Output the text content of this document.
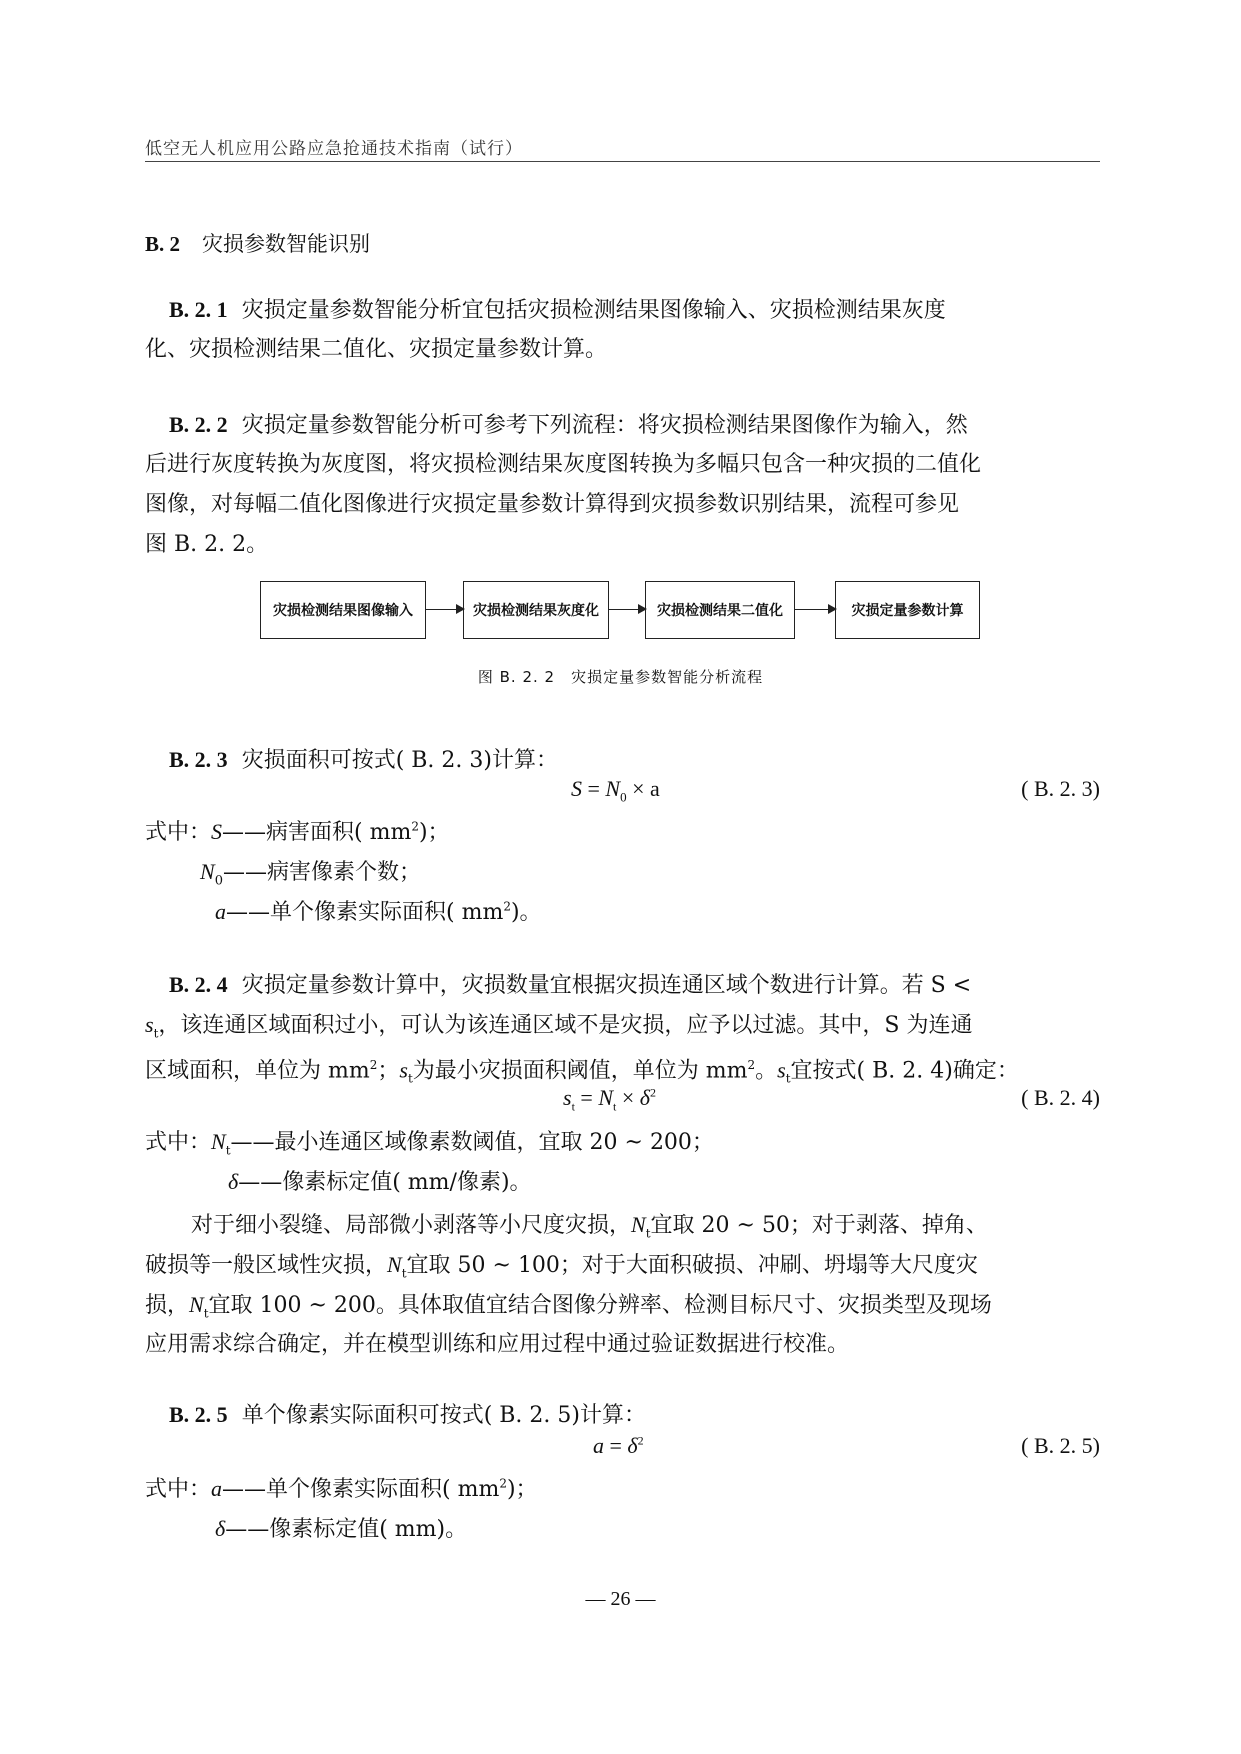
低空无人机应用公路应急抢通技术指南（试行）
B. 2 灾损参数智能识别
B. 2. 1 灾损定量参数智能分析宜包括灾损检测结果图像输入、灾损检测结果灰度
化、灾损检测结果二值化、灾损定量参数计算。
B. 2. 2 灾损定量参数智能分析可参考下列流程：将灾损检测结果图像作为输入，然
后进行灰度转换为灰度图，将灾损检测结果灰度图转换为多幅只包含一种灾损的二值化
图像，对每幅二值化图像进行灾损定量参数计算得到灾损参数识别结果，流程可参见
图 B. 2. 2。
灾损检测结果图像输入	灾损检测结果灰度化	灾损检测结果二值化	灾损定量参数计算
图 B. 2. 2　灾损定量参数智能分析流程
B. 2. 3 灾损面积可按式( B. 2. 3)计算：
$S = N_0 \times a$	( B. 2. 3)
式中：S——病害面积( $mm^2$)；
$N_0——$病害像素个数；
a——单个像素实际面积( $mm^2$)。
B. 2. 4 灾损定量参数计算中，灾损数量宜根据灾损连通区域个数进行计算。若 S <
$s_t$，该连通区域面积过小，可认为该连通区域不是灾损，应予以过滤。其中，S 为连通
区域面积，单位为 $mm^2$；$s_t$为最小灾损面积阈值，单位为 $mm^2$。$s_t$宜按式( B. 2. 4)确定：
$s_t = N_t \times \delta^2$	( B. 2. 4)
式中：$N_t——$最小连通区域像素数阈值，宜取 20 ~ 200；
δ——像素标定值( mm/像素)。
对于细小裂缝、局部微小剥落等小尺度灾损，$N_t$宜取 20 ~ 50；对于剥落、掉角、
破损等一般区域性灾损，$N_t$宜取 50 ~ 100；对于大面积破损、冲刷、坍塌等大尺度灾
损，$N_t$宜取 100 ~ 200。具体取值宜结合图像分辨率、检测目标尺寸、灾损类型及现场
应用需求综合确定，并在模型训练和应用过程中通过验证数据进行校准。
B. 2. 5 单个像素实际面积可按式( B. 2. 5)计算：
$a = \delta^2$	( B. 2. 5)
式中：a——单个像素实际面积( $mm^2$)；
δ——像素标定值( mm)。
— 26 —
